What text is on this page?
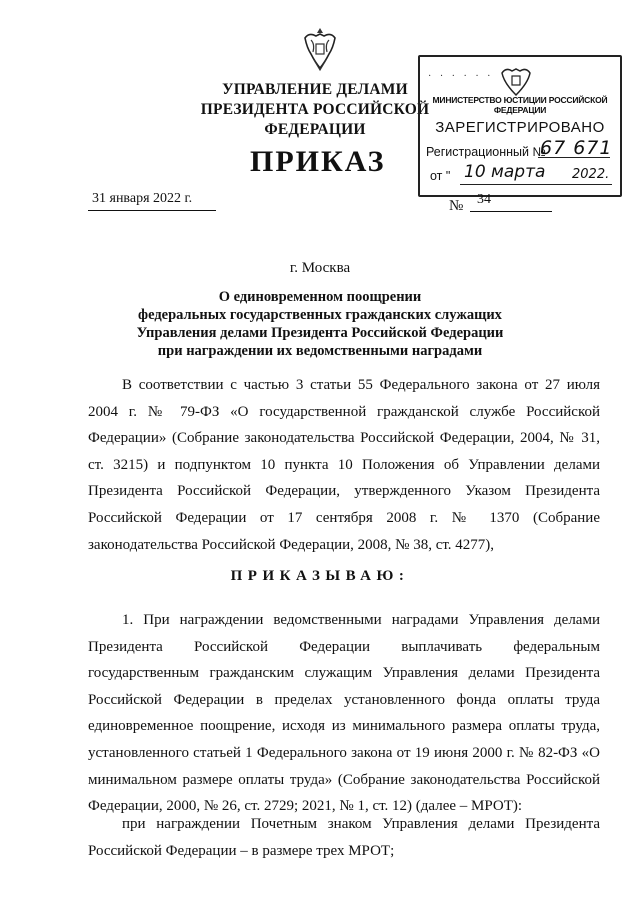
УПРАВЛЕНИЕ ДЕЛАМИ
ПРЕЗИДЕНТА РОССИЙСКОЙ ФЕДЕРАЦИИ
· · · · · ·
МИНИСТЕРСТВО ЮСТИЦИИ РОССИЙСКОЙ ФЕДЕРАЦИИ
ЗАРЕГИСТРИРОВАНО
Регистрационный №
67 671
от " 10 марта 2022.
ПРИКАЗ
31 января 2022 г.	№ 34
г. Москва
О единовременном поощрении
федеральных государственных гражданских служащих
Управления делами Президента Российской Федерации
при награждении их ведомственными наградами
В соответствии с частью 3 статьи 55 Федерального закона от 27 июля 2004 г. № 79-ФЗ «О государственной гражданской службе Российской Федерации» (Собрание законодательства Российской Федерации, 2004, № 31, ст. 3215) и подпунктом 10 пункта 10 Положения об Управлении делами Президента Российской Федерации, утвержденного Указом Президента Российской Федерации от 17 сентября 2008 г. № 1370 (Собрание законодательства Российской Федерации, 2008, № 38, ст. 4277),
ПРИКАЗЫВАЮ:
1. При награждении ведомственными наградами Управления делами Президента Российской Федерации выплачивать федеральным государственным гражданским служащим Управления делами Президента Российской Федерации в пределах установленного фонда оплаты труда единовременное поощрение, исходя из минимального размера оплаты труда, установленного статьей 1 Федерального закона от 19 июня 2000 г. № 82-ФЗ «О минимальном размере оплаты труда» (Собрание законодательства Российской Федерации, 2000, № 26, ст. 2729; 2021, № 1, ст. 12) (далее – МРОТ):
при награждении Почетным знаком Управления делами Президента Российской Федерации – в размере трех МРОТ;
